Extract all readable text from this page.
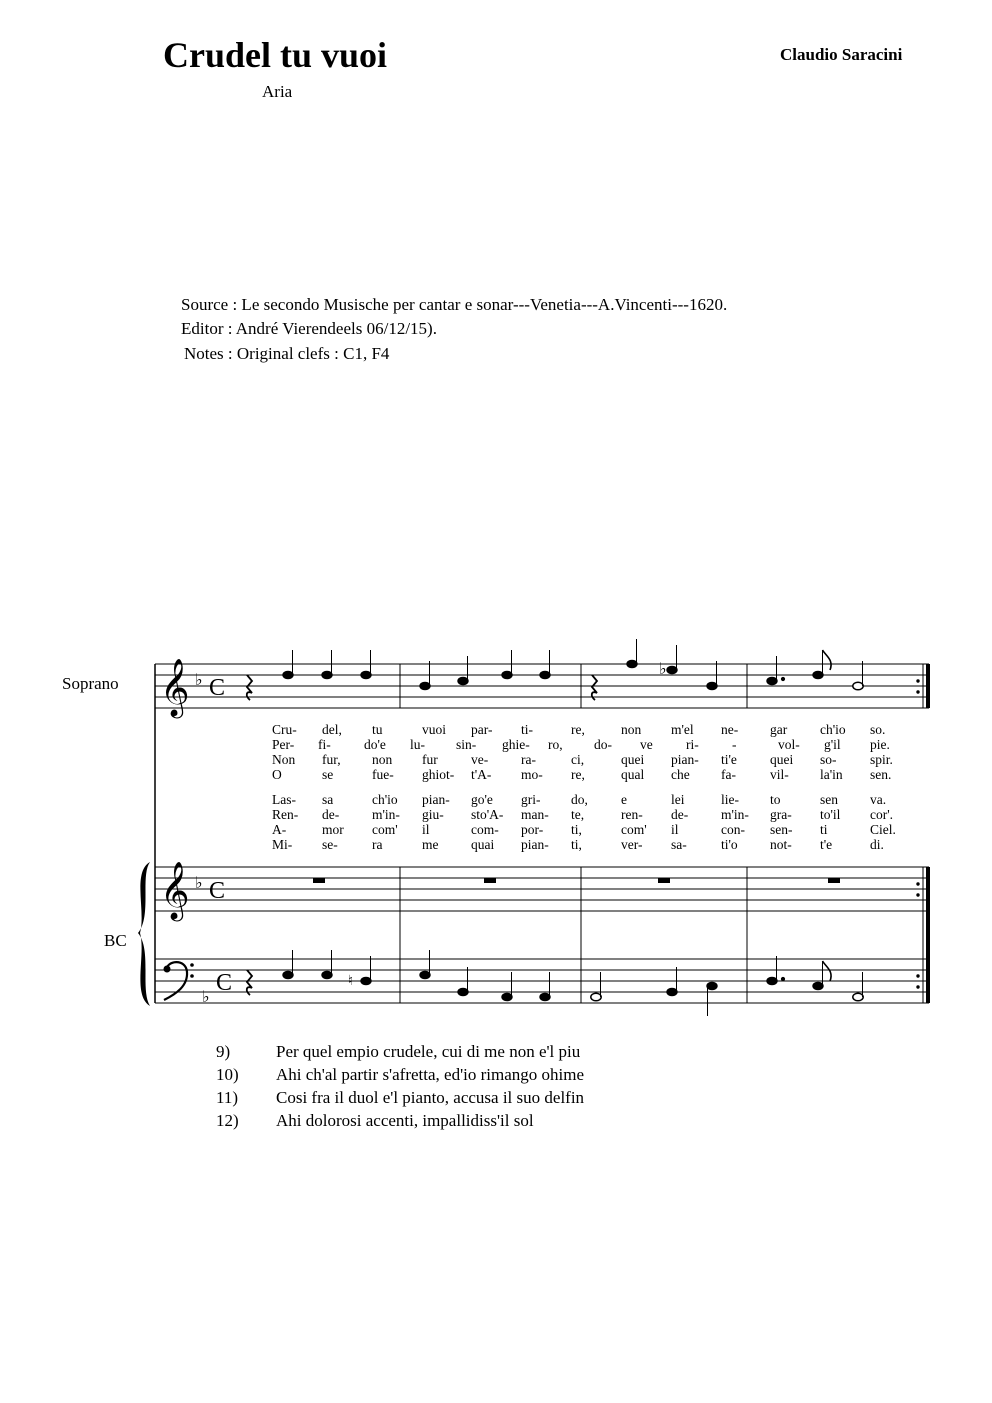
Crudel tu vuoi
Aria
Claudio Saracini
Source : Le secondo Musische per cantar e sonar---Venetia---A.Vincenti---1620.
Editor : André Vierendeels 06/12/15).
Notes : Original clefs : C1, F4
Soprano
BC
𝄞
𝄞
♭
♭
♭
C
C
C
♭
♮
Cru- del, tu	vuoi par- ti-	re,	non m'el ne- gar ch'io so.
Per- fi- do'e lu- sin- ghie- ro, do- ve ri- -	vol- g'il pie.
Non fur, non fur ve- ra-	ci,	quei pian- ti'e quei so- spir.
O	se	fue- ghiot- t'A- mo- re,	qual che fa-	vil- la'in sen.
Las- sa	ch'io pian- go'e gri- do, e	lei	lie- to	sen va.
Ren- de- m'in- giu- sto'A- man- te,	ren- de- m'in- gra- to'il cor'.
A-	mor com' il	com- por- ti,	com' il	con- sen- ti	Ciel.
Mi- se-	ra	me quai pian- ti,	ver- sa-	ti'o not- t'e	di.
9)	Per quel empio crudele, cui di me non e'l piu
10) Ahi ch'al partir s'afretta, ed'io rimango ohime
11) Cosi fra il duol e'l pianto, accusa il suo delfin
12) Ahi dolorosi accenti, impallidiss'il sol
